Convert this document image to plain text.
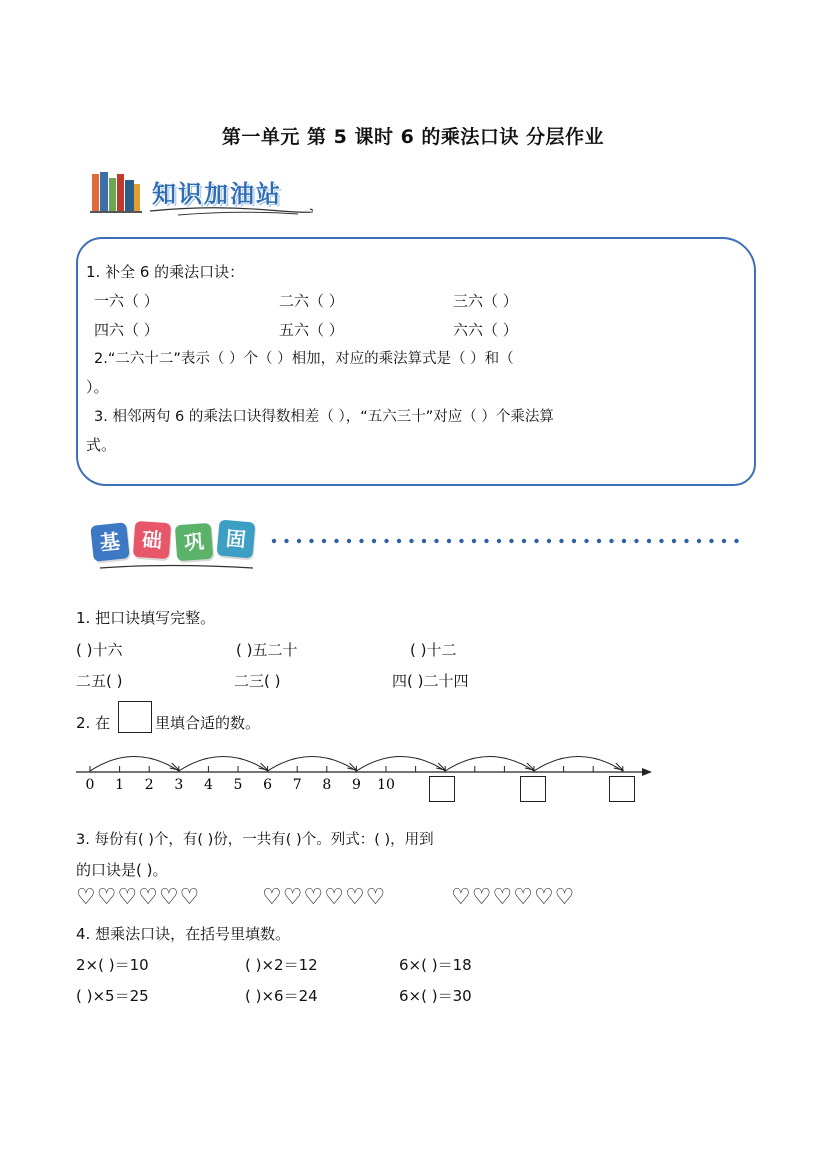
第一单元 第 5 课时 6 的乘法口诀 分层作业
知识加油站
1. 补全 6 的乘法口诀：
一六（ ）	二六（ ）	三六（ ）
四六（ ）	五六（ ）	六六（ ）
2.“二六十二”表示（ ）个（ ）相加，对应的乘法算式是（ ）和（
）。
3. 相邻两句 6 的乘法口诀得数相差（ ），“五六三十”对应（ ）个乘法算
式。
基 础	巩	固
1. 把口诀填写完整。
( )十六	( )五二十	( )十二
二五( )	二三( )	四( )二十四
2. 在	里填合适的数。
0 1 2 3 4 5 6 7 8 9 10
3. 每份有( )个，有( )份，一共有( )个。列式：( )，用到
的口诀是( )。
♡♡♡♡♡♡	♡♡♡♡♡♡	♡♡♡♡♡♡
4. 想乘法口诀，在括号里填数。
2×( )＝10	( )×2＝12	6×( )＝18
( )×5＝25	( )×6＝24	6×( )＝30
